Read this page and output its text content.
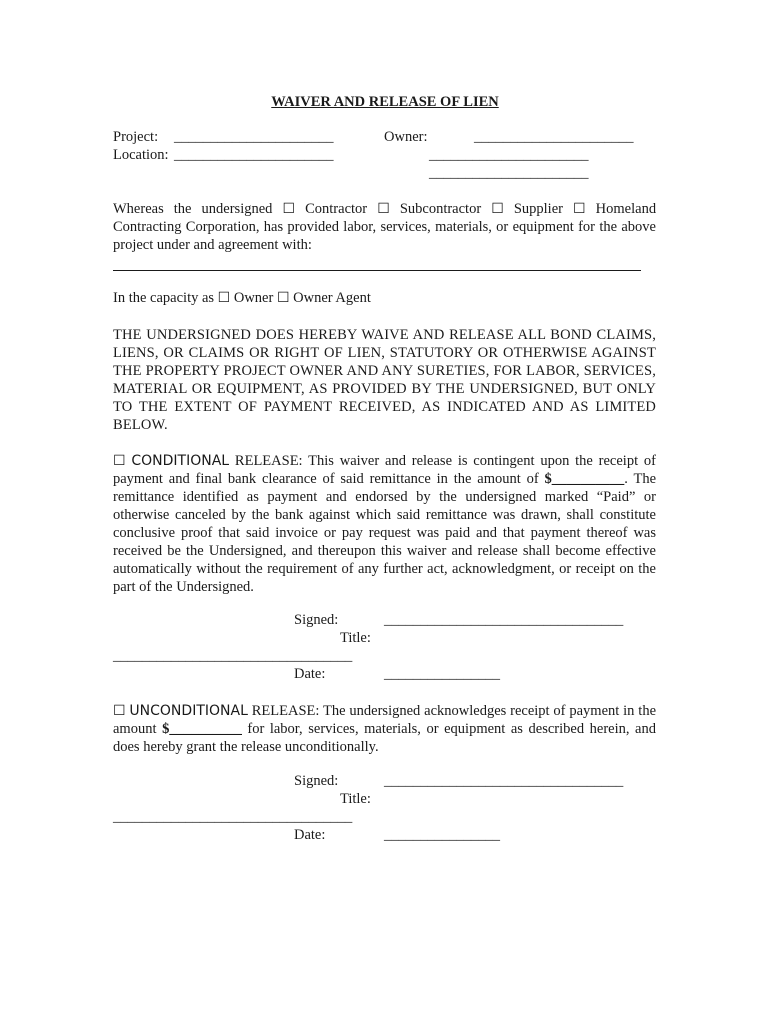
WAIVER AND RELEASE OF LIEN
Project: ______________________
Location: ______________________
Owner:	______________________
______________________
______________________
Whereas the undersigned ☐ Contractor ☐ Subcontractor ☐ Supplier ☐ Homeland
Contracting Corporation, has provided labor, services, materials, or equipment for the above project under and agreement with:
In the capacity as ☐ Owner ☐ Owner Agent
THE UNDERSIGNED DOES HEREBY WAIVE AND RELEASE ALL BOND CLAIMS, LIENS, OR CLAIMS OR RIGHT OF LIEN, STATUTORY OR OTHERWISE AGAINST THE PROPERTY PROJECT OWNER AND ANY SURETIES, FOR LABOR, SERVICES, MATERIAL OR EQUIPMENT, AS PROVIDED BY THE UNDERSIGNED, BUT ONLY TO THE EXTENT OF PAYMENT RECEIVED, AS INDICATED AND AS LIMITED BELOW.
☐ CONDITIONAL RELEASE: This waiver and release is contingent upon the receipt of payment and final bank clearance of said remittance in the amount of $__________. The remittance identified as payment and endorsed by the undersigned marked “Paid” or otherwise canceled by the bank against which said remittance was drawn, shall constitute conclusive proof that said invoice or pay request was paid and that payment thereof was received be the Undersigned, and thereupon this waiver and release shall become effective automatically without the requirement of any further act, acknowledgment, or receipt on the part of the Undersigned.
Signed:	_________________________________
Title:
_________________________________
Date:	________________
☐ UNCONDITIONAL RELEASE: The undersigned acknowledges receipt of payment in the amount $__________ for labor, services, materials, or equipment as described herein, and does hereby grant the release unconditionally.
Signed:	_________________________________
Title:
_________________________________
Date:	________________
